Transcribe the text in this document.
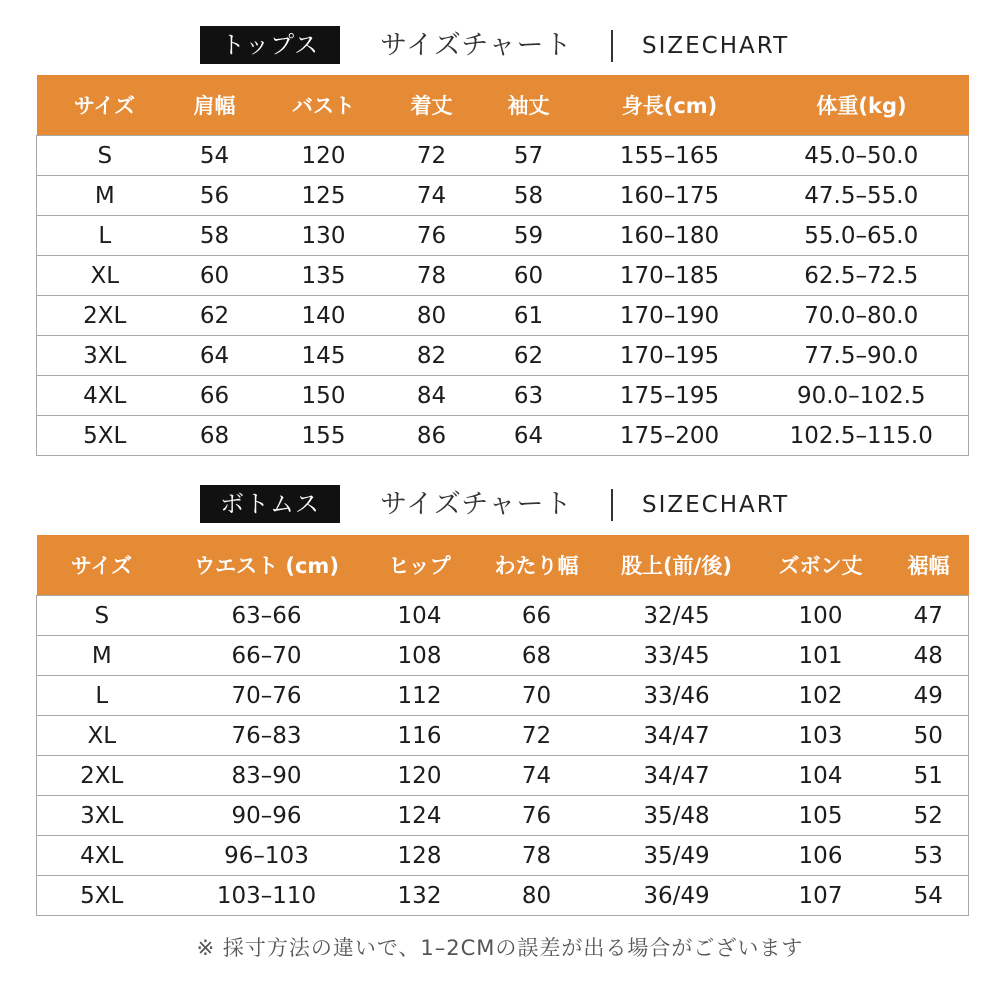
トップス	サイズチャート	SIZECHART
サイズ	肩幅	バスト	着丈	袖丈	身長(cm)	体重(kg)
S	54	120	72	57	155–165	45.0–50.0
M	56	125	74	58	160–175	47.5–55.0
L	58	130	76	59	160–180	55.0–65.0
XL	60	135	78	60	170–185	62.5–72.5
2XL	62	140	80	61	170–190	70.0–80.0
3XL	64	145	82	62	170–195	77.5–90.0
4XL	66	150	84	63	175–195	90.0–102.5
5XL	68	155	86	64	175–200	102.5–115.0
ボトムス	サイズチャート	SIZECHART
サイズ	ウエスト (cm)	ヒップ	わたり幅	股上(前/後)	ズボン丈	裾幅
S	63–66	104	66	32/45	100	47
M	66–70	108	68	33/45	101	48
L	70–76	112	70	33/46	102	49
XL	76–83	116	72	34/47	103	50
2XL	83–90	120	74	34/47	104	51
3XL	90–96	124	76	35/48	105	52
4XL	96–103	128	78	35/49	106	53
5XL	103–110	132	80	36/49	107	54
※ 採寸方法の違いで、1–2CMの誤差が出る場合がございます
